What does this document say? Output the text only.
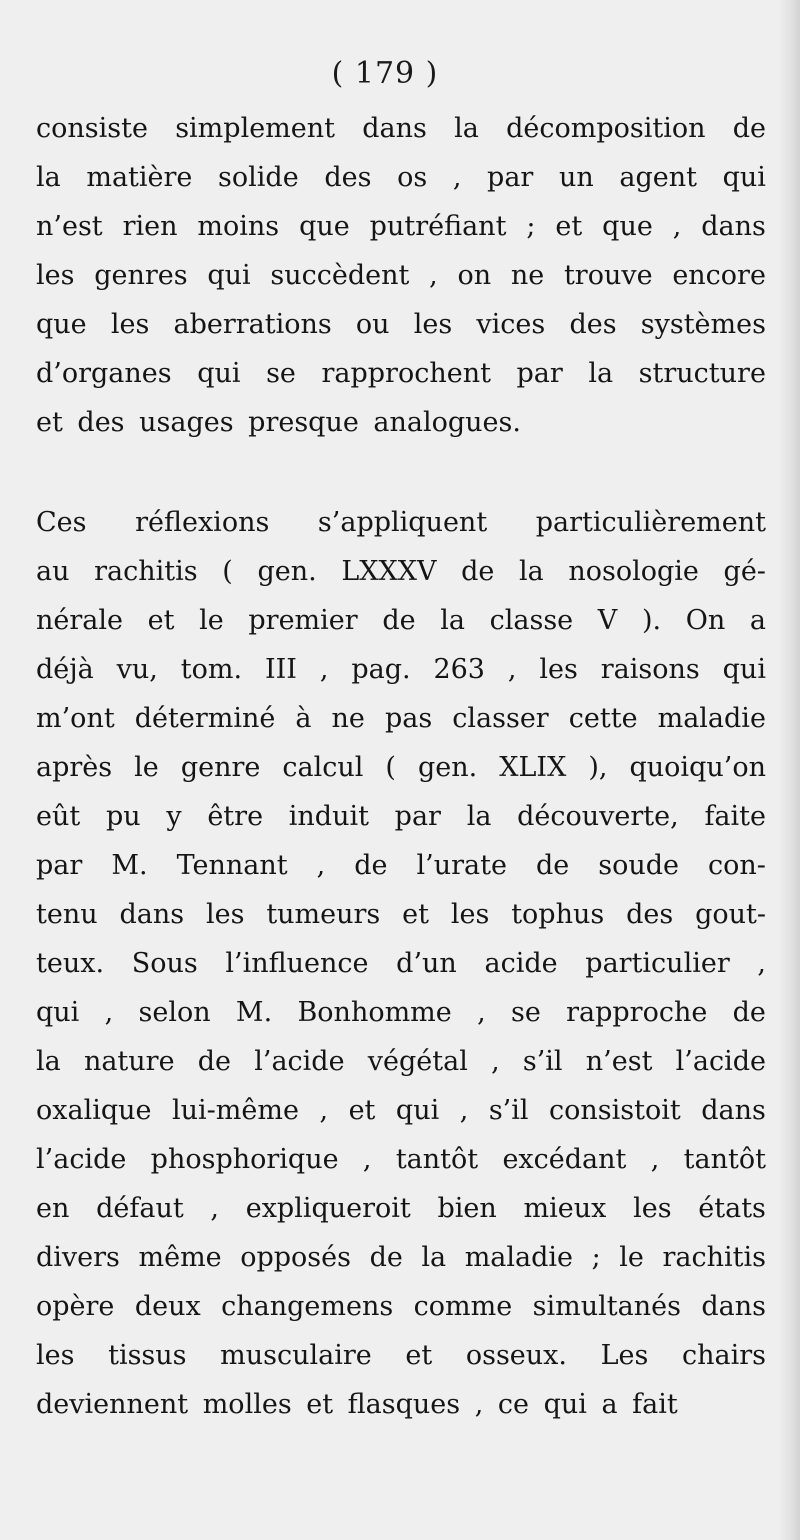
( 179 )
consiste simplement dans la décomposition de
la matière solide des os , par un agent qui
n’est rien moins que putréfiant ; et que , dans
les genres qui succèdent , on ne trouve encore
que les aberrations ou les vices des systèmes
d’organes qui se rapprochent par la structure
et des usages presque analogues.
Ces réflexions s’appliquent particulièrement
au rachitis ( gen. LXXXV de la nosologie gé-
nérale et le premier de la classe V ). On a
déjà vu, tom. III , pag. 263 , les raisons qui
m’ont déterminé à ne pas classer cette maladie
après le genre calcul ( gen. XLIX ), quoiqu’on
eût pu y être induit par la découverte, faite
par M. Tennant , de l’urate de soude con-
tenu dans les tumeurs et les tophus des gout-
teux. Sous l’influence d’un acide particulier ,
qui , selon M. Bonhomme , se rapproche de
la nature de l’acide végétal , s’il n’est l’acide
oxalique lui-même , et qui , s’il consistoit dans
l’acide phosphorique , tantôt excédant , tantôt
en défaut , expliqueroit bien mieux les états
divers même opposés de la maladie ; le rachitis
opère deux changemens comme simultanés dans
les tissus musculaire et osseux. Les chairs
deviennent molles et flasques , ce qui a fait
